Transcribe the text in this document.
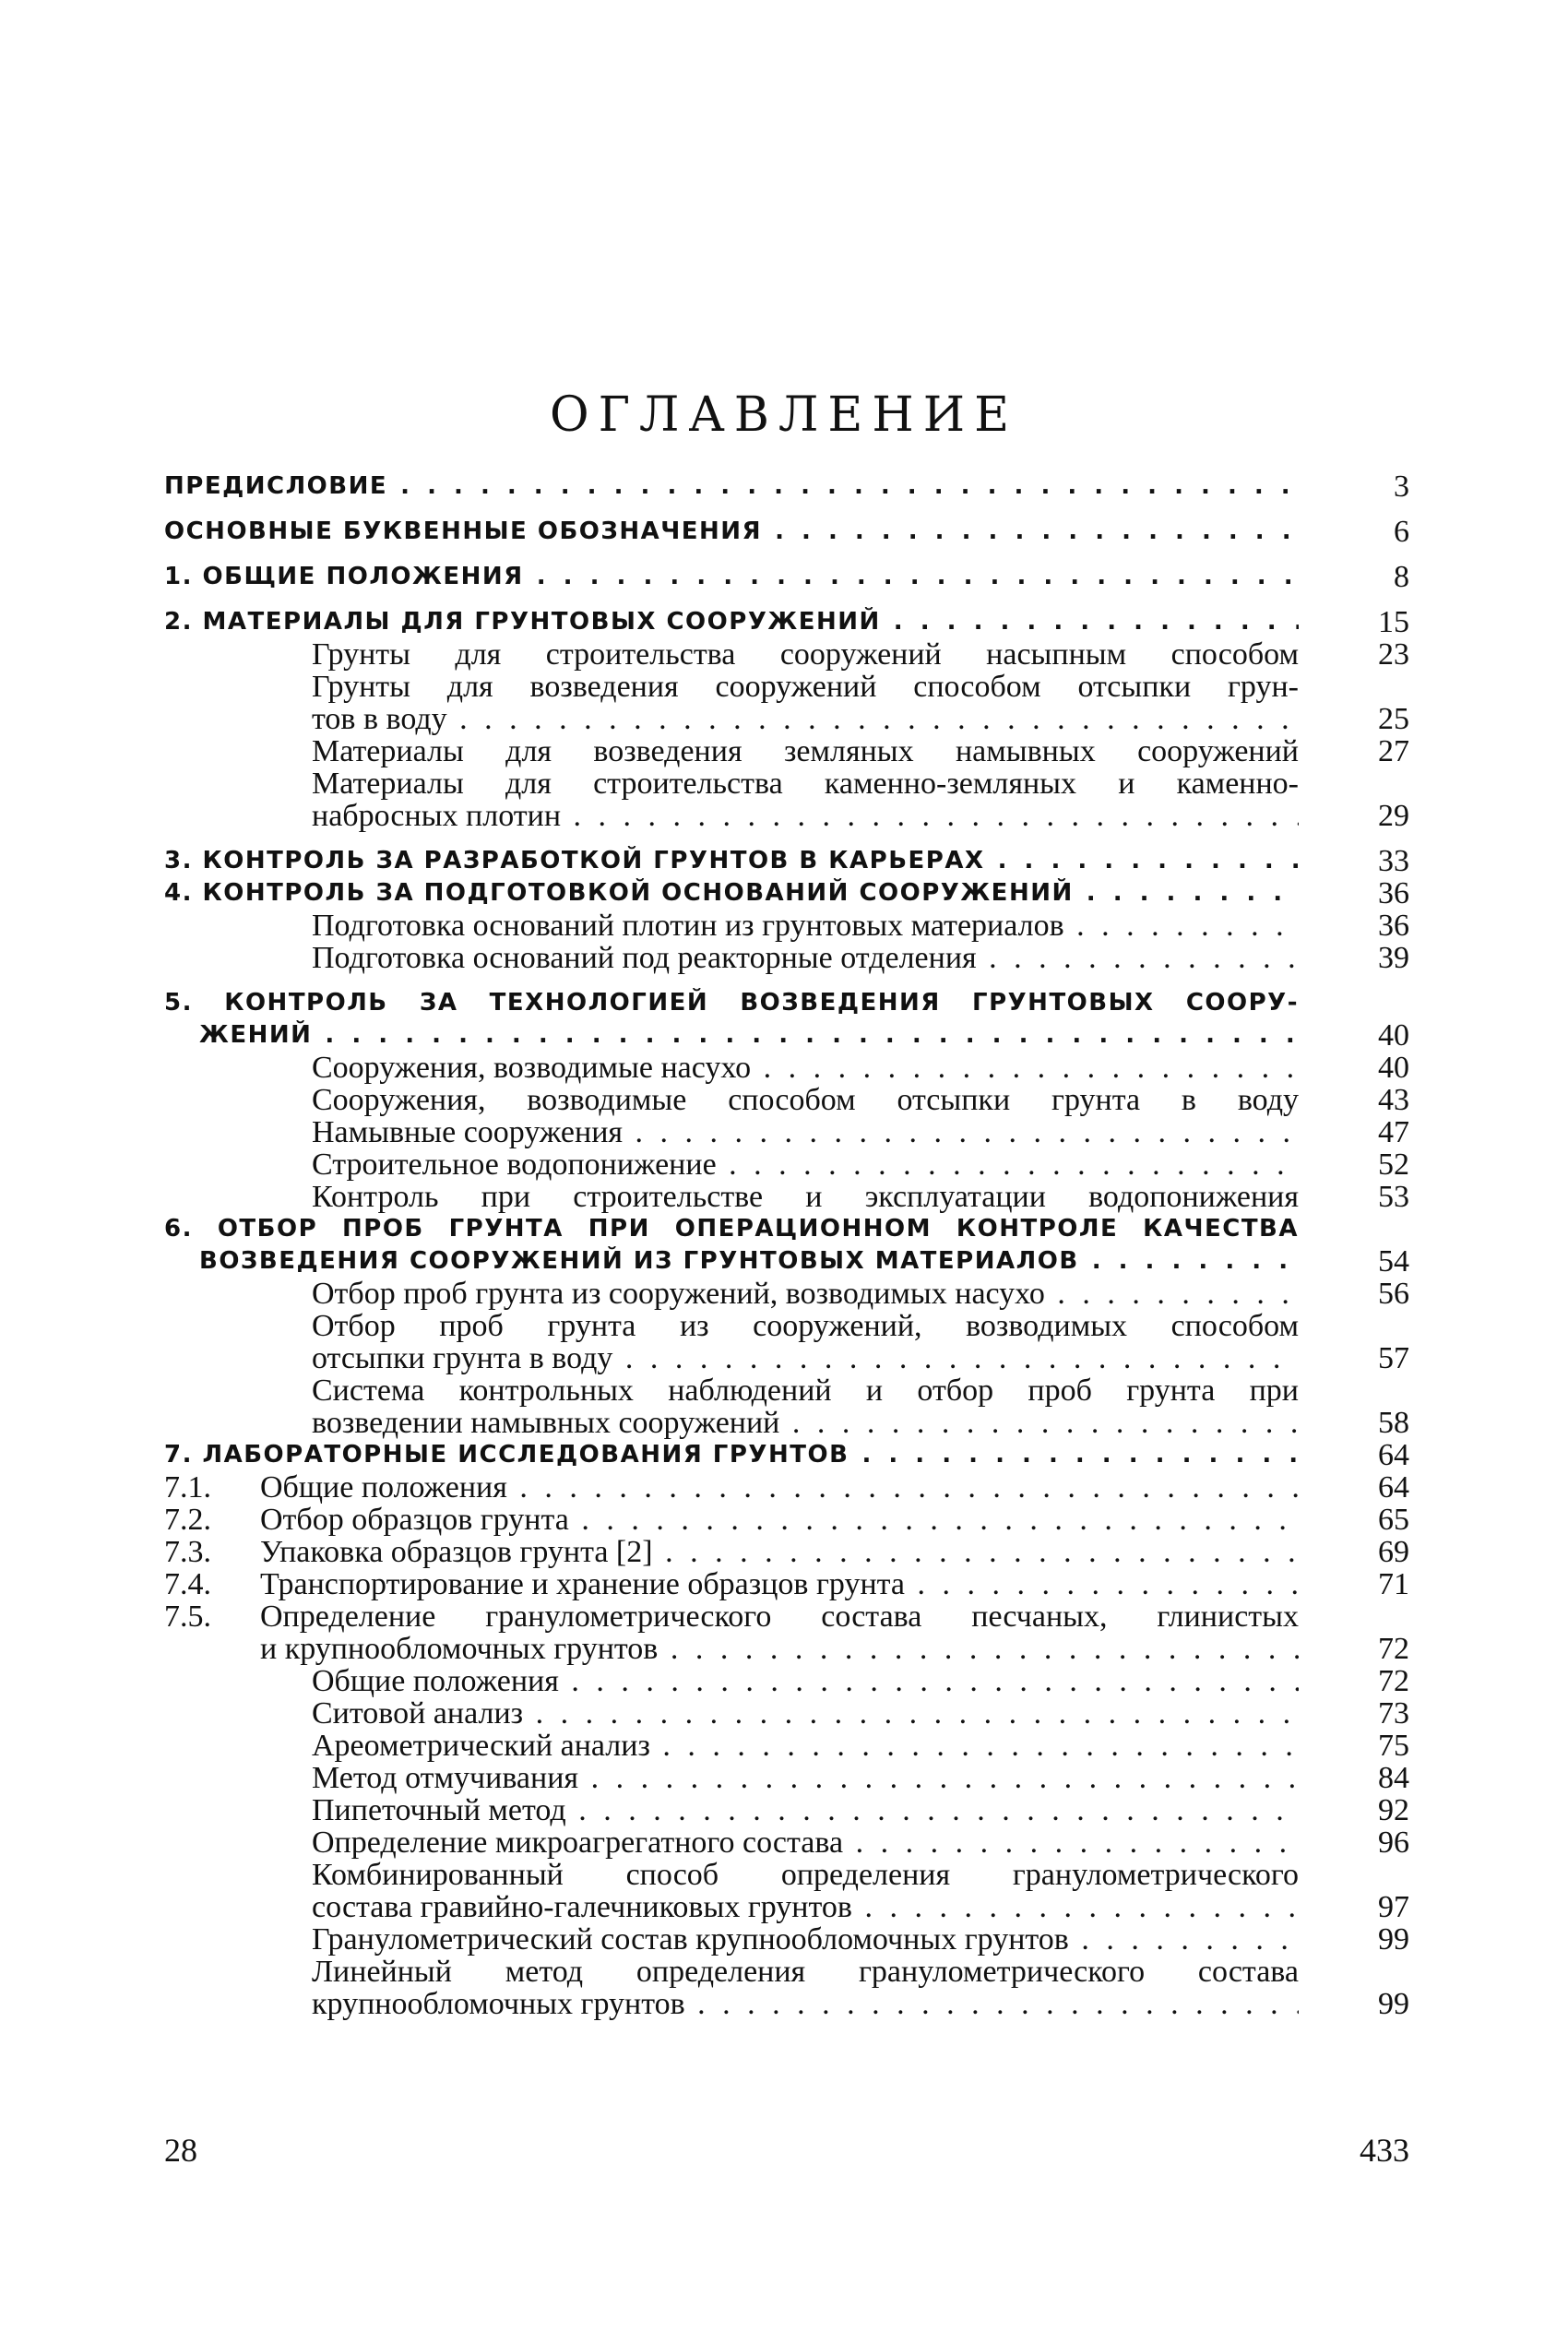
ОГЛАВЛЕНИЕ
ПРЕДИСЛОВИЕ . . .	3
ОСНОВНЫЕ БУКВЕННЫЕ ОБОЗНАЧЕНИЯ . . .	6
1. ОБЩИЕ ПОЛОЖЕНИЯ . . .	8
2. МАТЕРИАЛЫ ДЛЯ ГРУНТОВЫХ СООРУЖЕНИЙ . . .	15
Грунты для строительства сооружений насыпным способом	23
Грунты для возведения сооружений способом отсыпки грун-
тов в воду . . .	25
Материалы для возведения земляных намывных сооружений	27
Материалы для строительства каменно-земляных и каменно-
набросных плотин . . .	29
3. КОНТРОЛЬ ЗА РАЗРАБОТКОЙ ГРУНТОВ В КАРЬЕРАХ . . .	33
4. КОНТРОЛЬ ЗА ПОДГОТОВКОЙ ОСНОВАНИЙ СООРУЖЕНИЙ . . .	36
Подготовка оснований плотин из грунтовых материалов . . .	36
Подготовка оснований под реакторные отделения . . .	39
5. КОНТРОЛЬ ЗА ТЕХНОЛОГИЕЙ ВОЗВЕДЕНИЯ ГРУНТОВЫХ СООРУ-
ЖЕНИЙ . . .	40
Сооружения, возводимые насухо . . .	40
Сооружения, возводимые способом отсыпки грунта в воду	43
Намывные сооружения . . .	47
Строительное водопонижение . . .	52
Контроль при строительстве и эксплуатации водопонижения	53
6. ОТБОР ПРОБ ГРУНТА ПРИ ОПЕРАЦИОННОМ КОНТРОЛЕ КАЧЕСТВА
ВОЗВЕДЕНИЯ СООРУЖЕНИЙ ИЗ ГРУНТОВЫХ МАТЕРИАЛОВ . . .	54
Отбор проб грунта из сооружений, возводимых насухо . . .	56
Отбор проб грунта из сооружений, возводимых способом
отсыпки грунта в воду . . .	57
Система контрольных наблюдений и отбор проб грунта при
возведении намывных сооружений . . .	58
7. ЛАБОРАТОРНЫЕ ИССЛЕДОВАНИЯ ГРУНТОВ . . .	64
7.1. Общие положения . . .	64
7.2. Отбор образцов грунта . . .	65
7.3. Упаковка образцов грунта [2] . . .	69
7.4. Транспортирование и хранение образцов грунта . . .	71
7.5. Определение гранулометрического состава песчаных, глинистых
и крупнообломочных грунтов . . .	72
Общие положения . . .	72
Ситовой анализ . . .	73
Ареометрический анализ . . .	75
Метод отмучивания . . .	84
Пипеточный метод . . .	92
Определение микроагрегатного состава . . .	96
Комбинированный способ определения гранулометрического
состава гравийно-галечниковых грунтов . . .	97
Гранулометрический состав крупнообломочных грунтов . . .	99
Линейный метод определения гранулометрического состава
крупнообломочных грунтов . . .	99
28	433
